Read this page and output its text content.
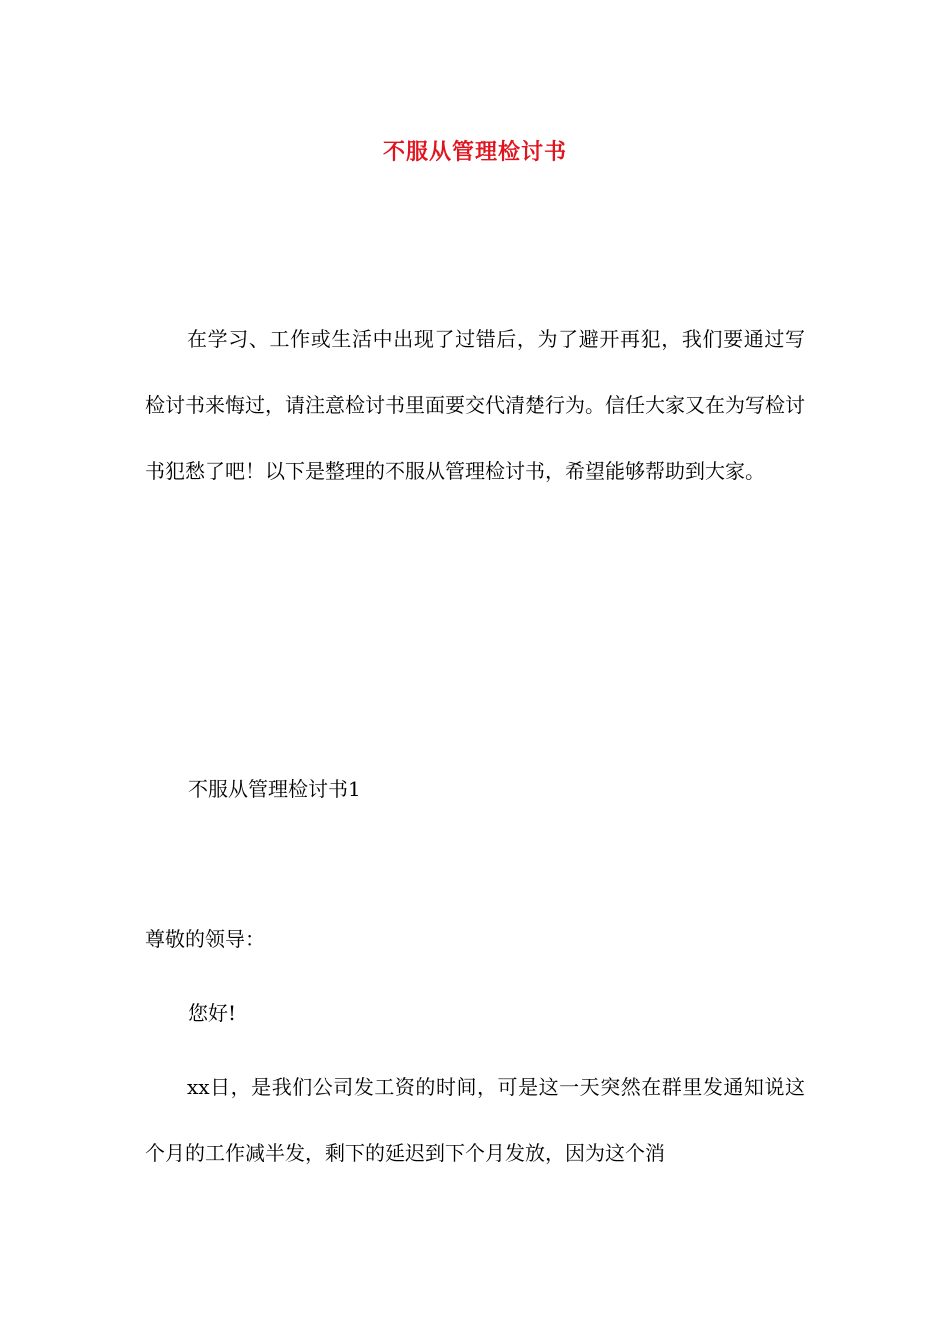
不服从管理检讨书
在学习、工作或生活中出现了过错后，为了避开再犯，我们要通过写检讨书来悔过，请注意检讨书里面要交代清楚行为。信任大家又在为写检讨书犯愁了吧！以下是整理的不服从管理检讨书，希望能够帮助到大家。
不服从管理检讨书1
尊敬的领导：
您好!
xx日，是我们公司发工资的时间，可是这一天突然在群里发通知说这个月的工作减半发，剩下的延迟到下个月发放，因为这个消
